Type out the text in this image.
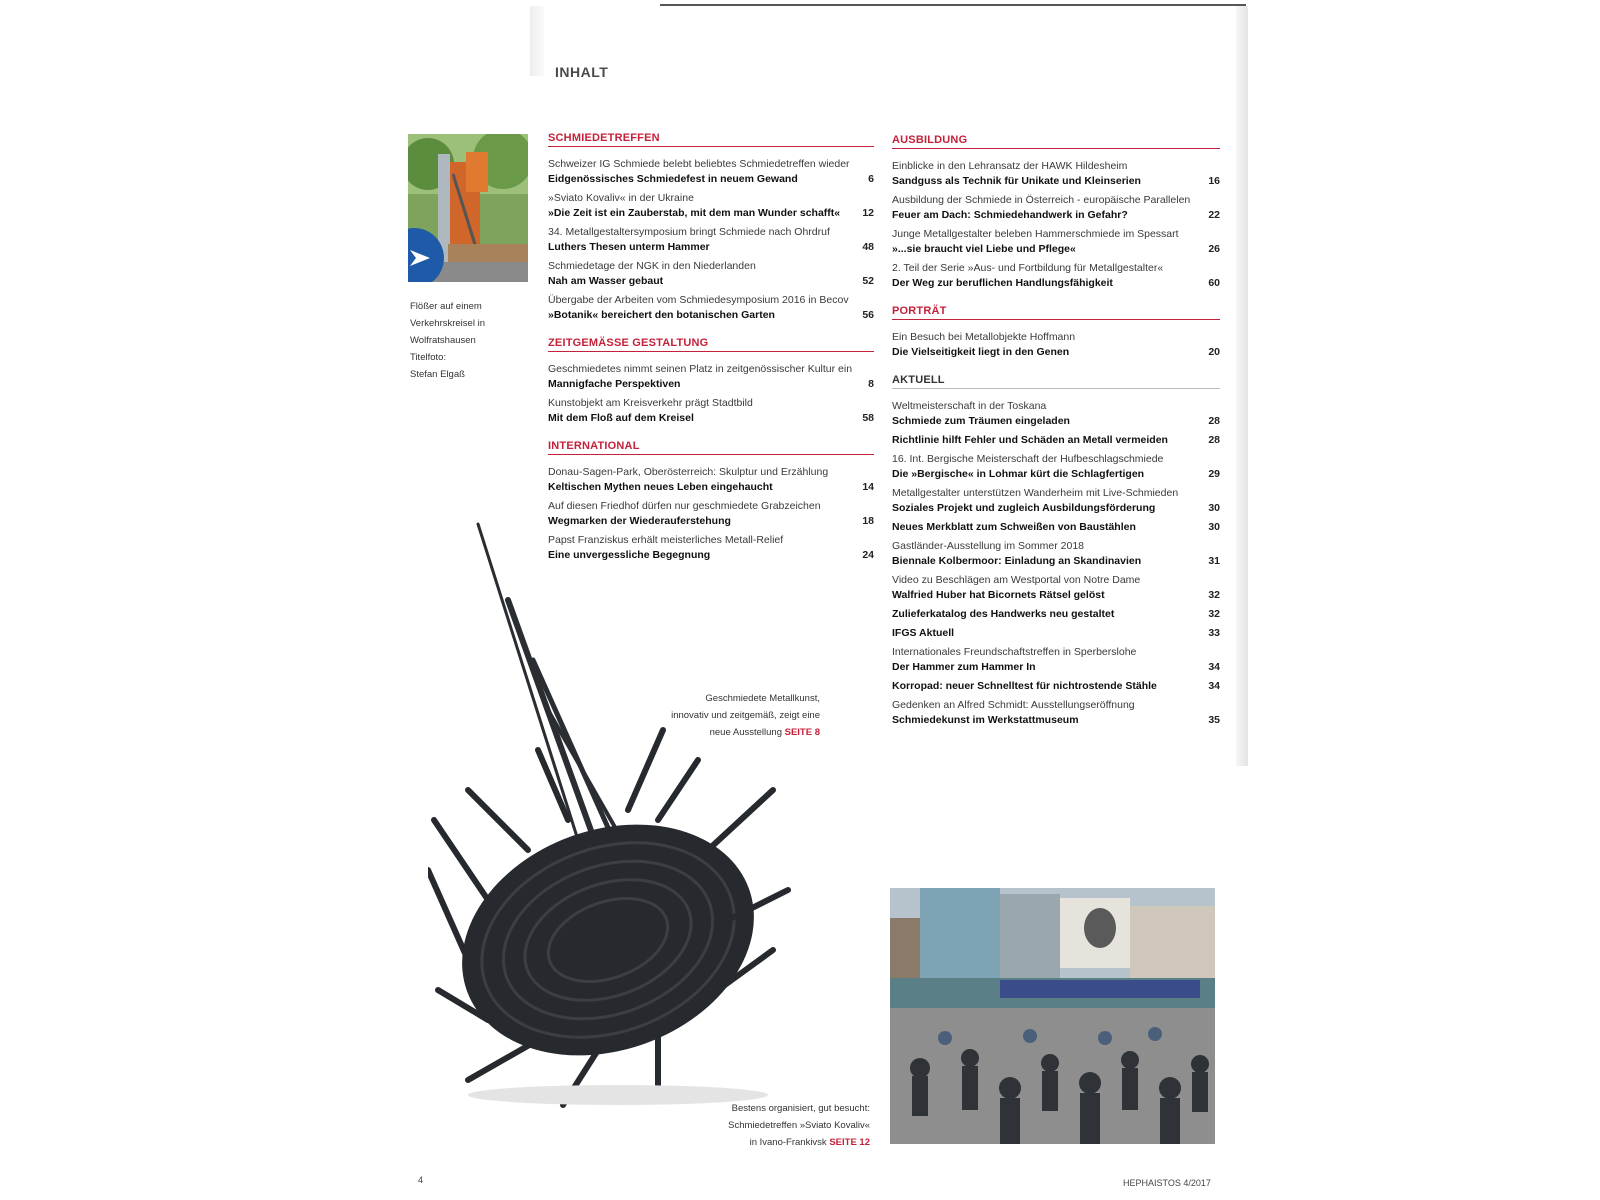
INHALT
Flößer auf einem
Verkehrskreisel in
Wolfratshausen
Titelfoto:
Stefan Elgaß
SCHMIEDETREFFEN
Schweizer IG Schmiede belebt beliebtes Schmiedetreffen wieder
Eidgenössisches Schmiedefest in neuem Gewand	6
»Sviato Kovaliv« in der Ukraine
»Die Zeit ist ein Zauberstab, mit dem man Wunder schafft«	12
34. Metallgestaltersymposium bringt Schmiede nach Ohrdruf
Luthers Thesen unterm Hammer	48
Schmiedetage der NGK in den Niederlanden
Nah am Wasser gebaut	52
Übergabe der Arbeiten vom Schmiedesymposium 2016 in Becov
»Botanik« bereichert den botanischen Garten	56
ZEITGEMÄSSE GESTALTUNG
Geschmiedetes nimmt seinen Platz in zeitgenössischer Kultur ein
Mannigfache Perspektiven	8
Kunstobjekt am Kreisverkehr prägt Stadtbild
Mit dem Floß auf dem Kreisel	58
INTERNATIONAL
Donau-Sagen-Park, Oberösterreich: Skulptur und Erzählung
Keltischen Mythen neues Leben eingehaucht	14
Auf diesen Friedhof dürfen nur geschmiedete Grabzeichen
Wegmarken der Wiederauferstehung	18
Papst Franziskus erhält meisterliches Metall-Relief
Eine unvergessliche Begegnung	24
AUSBILDUNG
Einblicke in den Lehransatz der HAWK Hildesheim
Sandguss als Technik für Unikate und Kleinserien	16
Ausbildung der Schmiede in Österreich - europäische Parallelen
Feuer am Dach: Schmiedehandwerk in Gefahr?	22
Junge Metallgestalter beleben Hammerschmiede im Spessart
»...sie braucht viel Liebe und Pflege«	26
2. Teil der Serie »Aus- und Fortbildung für Metallgestalter«
Der Weg zur beruflichen Handlungsfähigkeit	60
PORTRÄT
Ein Besuch bei Metallobjekte Hoffmann
Die Vielseitigkeit liegt in den Genen	20
AKTUELL
Weltmeisterschaft in der Toskana
Schmiede zum Träumen eingeladen	28
Richtlinie hilft Fehler und Schäden an Metall vermeiden	28
16. Int. Bergische Meisterschaft der Hufbeschlagschmiede
Die »Bergische« in Lohmar kürt die Schlagfertigen	29
Metallgestalter unterstützen Wanderheim mit Live-Schmieden
Soziales Projekt und zugleich Ausbildungsförderung	30
Neues Merkblatt zum Schweißen von Baustählen	30
Gastländer-Ausstellung im Sommer 2018
Biennale Kolbermoor: Einladung an Skandinavien	31
Video zu Beschlägen am Westportal von Notre Dame
Walfried Huber hat Bicornets Rätsel gelöst	32
Zulieferkatalog des Handwerks neu gestaltet	32
IFGS Aktuell	33
Internationales Freundschaftstreffen in Sperberslohe
Der Hammer zum Hammer In	34
Korropad: neuer Schnelltest für nichtrostende Stähle	34
Gedenken an Alfred Schmidt: Ausstellungseröffnung
Schmiedekunst im Werkstattmuseum	35
Geschmiedete Metallkunst,
innovativ und zeitgemäß, zeigt eine
neue Ausstellung SEITE 8
Bestens organisiert, gut besucht:
Schmiedetreffen »Sviato Kovaliv«
in Ivano-Frankivsk SEITE 12
4	HEPHAISTOS 4/2017
